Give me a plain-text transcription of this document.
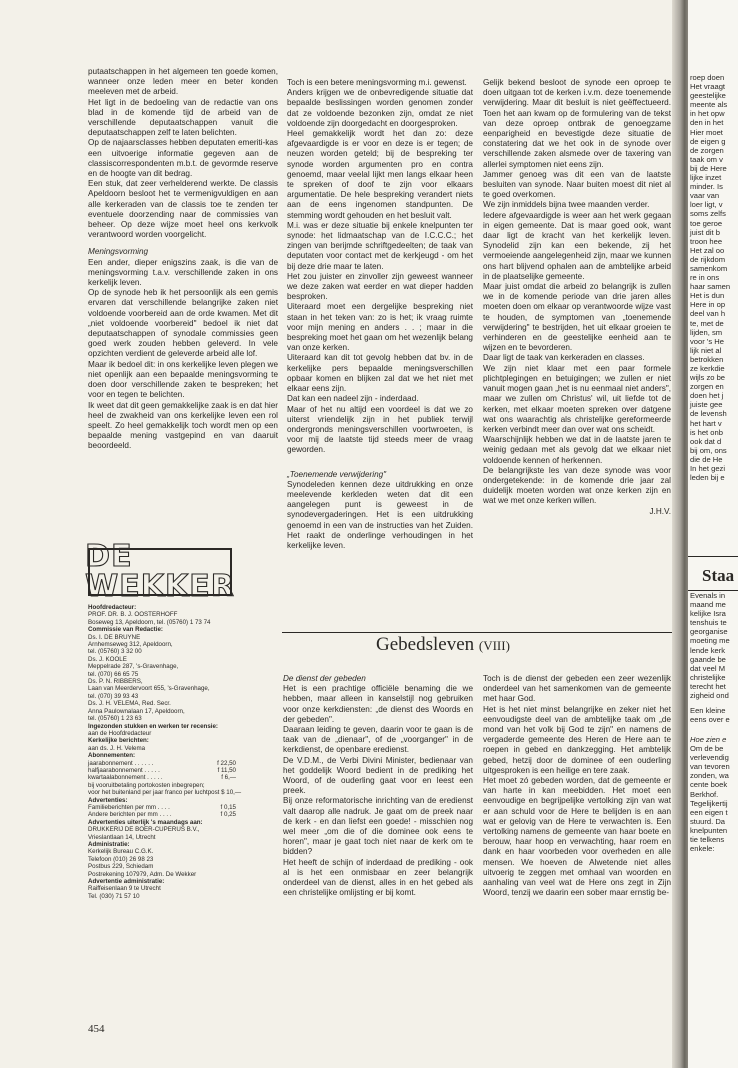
putaatschappen in het algemeen ten goede komen, wanneer onze leden meer en beter konden meeleven met de arbeid.

Het ligt in de bedoeling van de redactie van ons blad in de komende tijd de arbeid van de verschillende deputaatschappen vanuit die deputaatschappen zelf te laten belichten.

Op de najaarsclasses hebben deputaten emeriti-kas een uitvoerige informatie gegeven aan de classiscorrespondenten m.b.t. de gevormde reserve en de hoogte van dit bedrag.

Een stuk, dat zeer verhelderend werkte. De classis Apeldoorn besloot het te vermenigvuldigen en aan alle kerkeraden van de classis toe te zenden ter eventuele doorzending naar de commissies van beheer. Op deze wijze moet heel ons kerkvolk verantwoord worden voorgelicht.

Meningsvorming

Een ander, dieper enigszins zaak, is die van de meningsvorming t.a.v. verschillende zaken in ons kerkelijk leven.

Op de synode heb ik het persoonlijk als een gemis ervaren dat verschillende belangrijke zaken niet voldoende voorbereid aan de orde kwamen. Met dit „niet voldoende voorbereid" bedoel ik niet dat deputaatschappen of synodale commissies geen goed werk zouden hebben geleverd. In vele opzichten verdient de geleverde arbeid alle lof.

Maar ik bedoel dit: in ons kerkelijke leven plegen we niet openlijk aan een bepaalde meningsvorming te doen door verschillende zaken te bespreken; het voor en tegen te belichten.

Ik weet dat dit geen gemakkelijke zaak is en dat hier heel de zwakheid van ons kerkelijke leven een rol speelt. Zo heel gemakkelijk toch wordt men op een bepaalde mening vastgepind en van daaruit beoordeeld.

Toch is een betere meningsvorming m.i. gewenst.

Anders krijgen we de onbevredigende situatie dat bepaalde beslissingen worden genomen zonder dat ze voldoende bezonken zijn, omdat ze niet voldoende zijn doorgedacht en doorgesproken.

Heel gemakkelijk wordt het dan zo: deze afgevaardigde is er voor en deze is er tegen; de neuzen worden geteld; bij de bespreking ter synode worden argumenten pro en contra genoemd, maar veelal lijkt men langs elkaar heen te spreken of doof te zijn voor elkaars argumentatie. De hele bespreking verandert niets aan de eens ingenomen standpunten. De stemming wordt gehouden en het besluit valt.

M.i. was er deze situatie bij enkele knelpunten ter synode: het lidmaatschap van de I.C.C.C.; het zingen van berijmde schriftgedeelten; de taak van deputaten voor contact met de kerkjeugd - om het bij deze drie maar te laten.

Het zou juister en zinvoller zijn geweest wanneer we deze zaken wat eerder en wat dieper hadden besproken.

Uiteraard moet een dergelijke bespreking niet staan in het teken van: zo is het; ik vraag ruimte voor mijn mening en anders . . ; maar in die bespreking moet het gaan om het wezenlijk belang van onze kerken.

Uiteraard kan dit tot gevolg hebben dat bv. in de kerkelijke pers bepaalde meningsverschillen opbaar komen en blijken zal dat we het niet met elkaar eens zijn.

Dat kan een nadeel zijn - inderdaad.

Maar of het nu altijd een voordeel is dat we zo uiterst vriendelijk zijn in het publiek terwijl ondergronds meningsverschillen voortwroeten, is voor mij de laatste tijd steeds meer de vraag geworden.

„Toenemende verwijdering"

Synodeleden kennen deze uitdrukking en onze meelevende kerkleden weten dat dit een aangelegen punt is geweest in de synodevergaderingen. Het is een uitdrukking genoemd in een van de instructies van het Zuiden. Het raakt de onderlinge verhoudingen in het kerkelijke leven.

Gelijk bekend besloot de synode een oproep te doen uitgaan tot de kerken i.v.m. deze toenemende verwijdering. Maar dit besluit is niet geëffectueerd. Toen het aan kwam op de formulering van de tekst van deze oproep ontbrak de genoegzame eenparigheid en bevestigde deze situatie de constatering dat we het ook in de synode over verschillende zaken alsmede over de taxering van allerlei symptomen niet eens zijn.

Jammer genoeg was dit een van de laatste besluiten van synode. Naar buiten moest dit niet al te goed overkomen.

We zijn inmiddels bijna twee maanden verder.

Iedere afgevaardigde is weer aan het werk gegaan in eigen gemeente. Dat is maar goed ook, want daar ligt de kracht van het kerkelijk leven. Synodelid zijn kan een bekende, zij het vermoeiende aangelegenheid zijn, maar we kunnen ons hart blijvend ophalen aan de ambtelijke arbeid in de plaatselijke gemeente.

Maar juist omdat die arbeid zo belangrijk is zullen we in de komende periode van drie jaren alles moeten doen om elkaar op verantwoorde wijze vast te houden, de symptomen van „toenemende verwijdering" te bestrijden, het uit elkaar groeien te verhinderen en de geestelijke eenheid aan te wijzen en te bevorderen.

Daar ligt de taak van kerkeraden en classes.

We zijn niet klaar met een paar formele plichtplegingen en betuigingen; we zullen er niet vanuit mogen gaan „het is nu eenmaal niet anders", maar we zullen om Christus' wil, uit liefde tot de kerken, met elkaar moeten spreken over datgene wat ons waarachtig als christelijke gereformeerde kerken verbindt meer dan over wat ons scheidt.

Waarschijnlijk hebben we dat in de laatste jaren te weinig gedaan met als gevolg dat we elkaar niet voldoende kennen of herkennen.

De belangrijkste les van deze synode was voor ondergetekende: in de komende drie jaar zal duidelijk moeten worden wat onze kerken zijn en wat we met onze kerken willen.

J.H.V.

DE WEKKER
Hoofdredacteur:
PROF. DR. B. J. OOSTERHOFF
Boseweg 13, Apeldoorn, tel. (05760) 1 73 74
Commissie van Redactie:
Ds. I. DE BRUYNE
Arnhemseweg 312, Apeldoorn,
tel. (05760) 3 32 00
Ds. J. KOOLE
Meppelrade 287, 's-Gravenhage,
tel. (070) 66 65 75
Ds. P. N. RIBBERS,
Laan van Meerdervoort 655, 's-Gravenhage,
tel. (070) 39 93 43
Ds. J. H. VELEMA, Red. Secr.
Anna Paulownalaan 17, Apeldoorn,
tel. (05760) 1 23 63
Ingezonden stukken en werken ter recensie:
aan de Hoofdredacteur
Kerkelijke berichten:
aan ds. J. H. Velema
Abonnementen:
jaarabonnement . . . . . .	f 22,50
halfjaarabonnement . . . . .	f 11,50
kwartaalabonnement . . . . .	f 6,—
bij vooruitbetaling portokosten inbegrepen;
voor het buitenland per jaar franco per luchtpost $ 10,—
Advertenties:
Familieberichten per mm . . . .	f 0,15
Andere berichten per mm . . . .	f 0,25
Advertenties uiterlijk 's maandags aan:
DRUKKERIJ DE BOER-CUPERUS B.V.,
Vrieslantlaan 14, Utrecht
Administratie:
Kerkelijk Bureau C.G.K.
Telefoon (010) 26 98 23
Postbus 229, Schiedam
Postrekening 107979, Adm. De Wekker
Advertentie administratie:
Raiffeisenlaan 9 te Utrecht
Tel. (030) 71 57 10
454
Gebedsleven (VIII)

De dienst der gebeden

Het is een prachtige officiële benaming die we hebben, maar alleen in kanselstijl nog gebruiken voor onze kerkdiensten: „de dienst des Woords en der gebeden".

Daaraan leiding te geven, daarin voor te gaan is de taak van de „dienaar", of de „voorganger" in de kerkdienst, de openbare eredienst.

De V.D.M., de Verbi Divini Minister, bedienaar van het goddelijk Woord bedient in de prediking het Woord, of de ouderling gaat voor en leest een preek.

Bij onze reformatorische inrichting van de eredienst valt daarop alle nadruk. Je gaat om de preek naar de kerk - en dan liefst een goede! - misschien nog wel meer „om die of die dominee ook eens te horen", maar je gaat toch niet naar de kerk om te bidden?

Het heeft de schijn of inderdaad de prediking - ook al is het een onmisbaar en zeer belangrijk onderdeel van de dienst, alles in en het gebed als een christelijke omlijsting er bij komt.

Toch is de dienst der gebeden een zeer wezenlijk onderdeel van het samenkomen van de gemeente met haar God.

Het is het niet minst belangrijke en zeker niet het eenvoudigste deel van de ambtelijke taak om „de mond van het volk bij God te zijn" en namens de vergaderde gemeente des Heren de Here aan te roepen in gebed en dankzegging. Het ambtelijk gebed, hetzij door de dominee of een ouderling uitgesproken is een heilige en tere zaak.

Het moet zó gebeden worden, dat de gemeente er van harte in kan meebidden. Het moet een eenvoudige en begrijpelijke vertolking zijn van wat er aan schuld voor de Here te belijden is en aan wat er gelovig van de Here te verwachten is. Een vertolking namens de gemeente van haar boete en berouw, haar hoop en verwachting, haar roem en dank en haar voorbeden voor overheden en alle mensen. We hoeven de Alwetende niet alles uitvoerig te zeggen met omhaal van woorden en aanhaling van veel wat de Here ons zegt in Zijn Woord, tenzij we daarin een sober maar ernstig be-

roep doen
Het vraagt
geestelijke
meente als
in het opw
den in het
Hier moet
de eigen g
de zorgen
taak om v
bij de Here
lijke inzet
minder. Is
vaar van
loer ligt, v
soms zelfs
toe geroe
juist dit b
troon hee
Het zal oo
de rijkdom
samenkom
re in ons
haar samen
Het is dun
Here in op
deel van h
te, met de
lijden, sm
voor 's He
lijk niet al
betrokken
ze kerkdie
wijls zo be
zorgen en
doen het j
juiste gee
de levensh
het hart v
is het onb
ook dat d
bij om, ons
die de He
In het gezi
leden bij e
Staa
Evenals in
maand me
kelijke Isra
tenshuis te
georganise
moeting me
lende kerk
gaande be
dat veel M
christelijke
terecht het
zigheid ond
Een kleine
eens over e
Hoe zien e
Om de be
verlevendig
van tevoren
zonden, wa
cente boek
Berkhof.
Tegelijkertij
een eigen t
stuurd. Da
knelpunten
tie telkens
enkele:
